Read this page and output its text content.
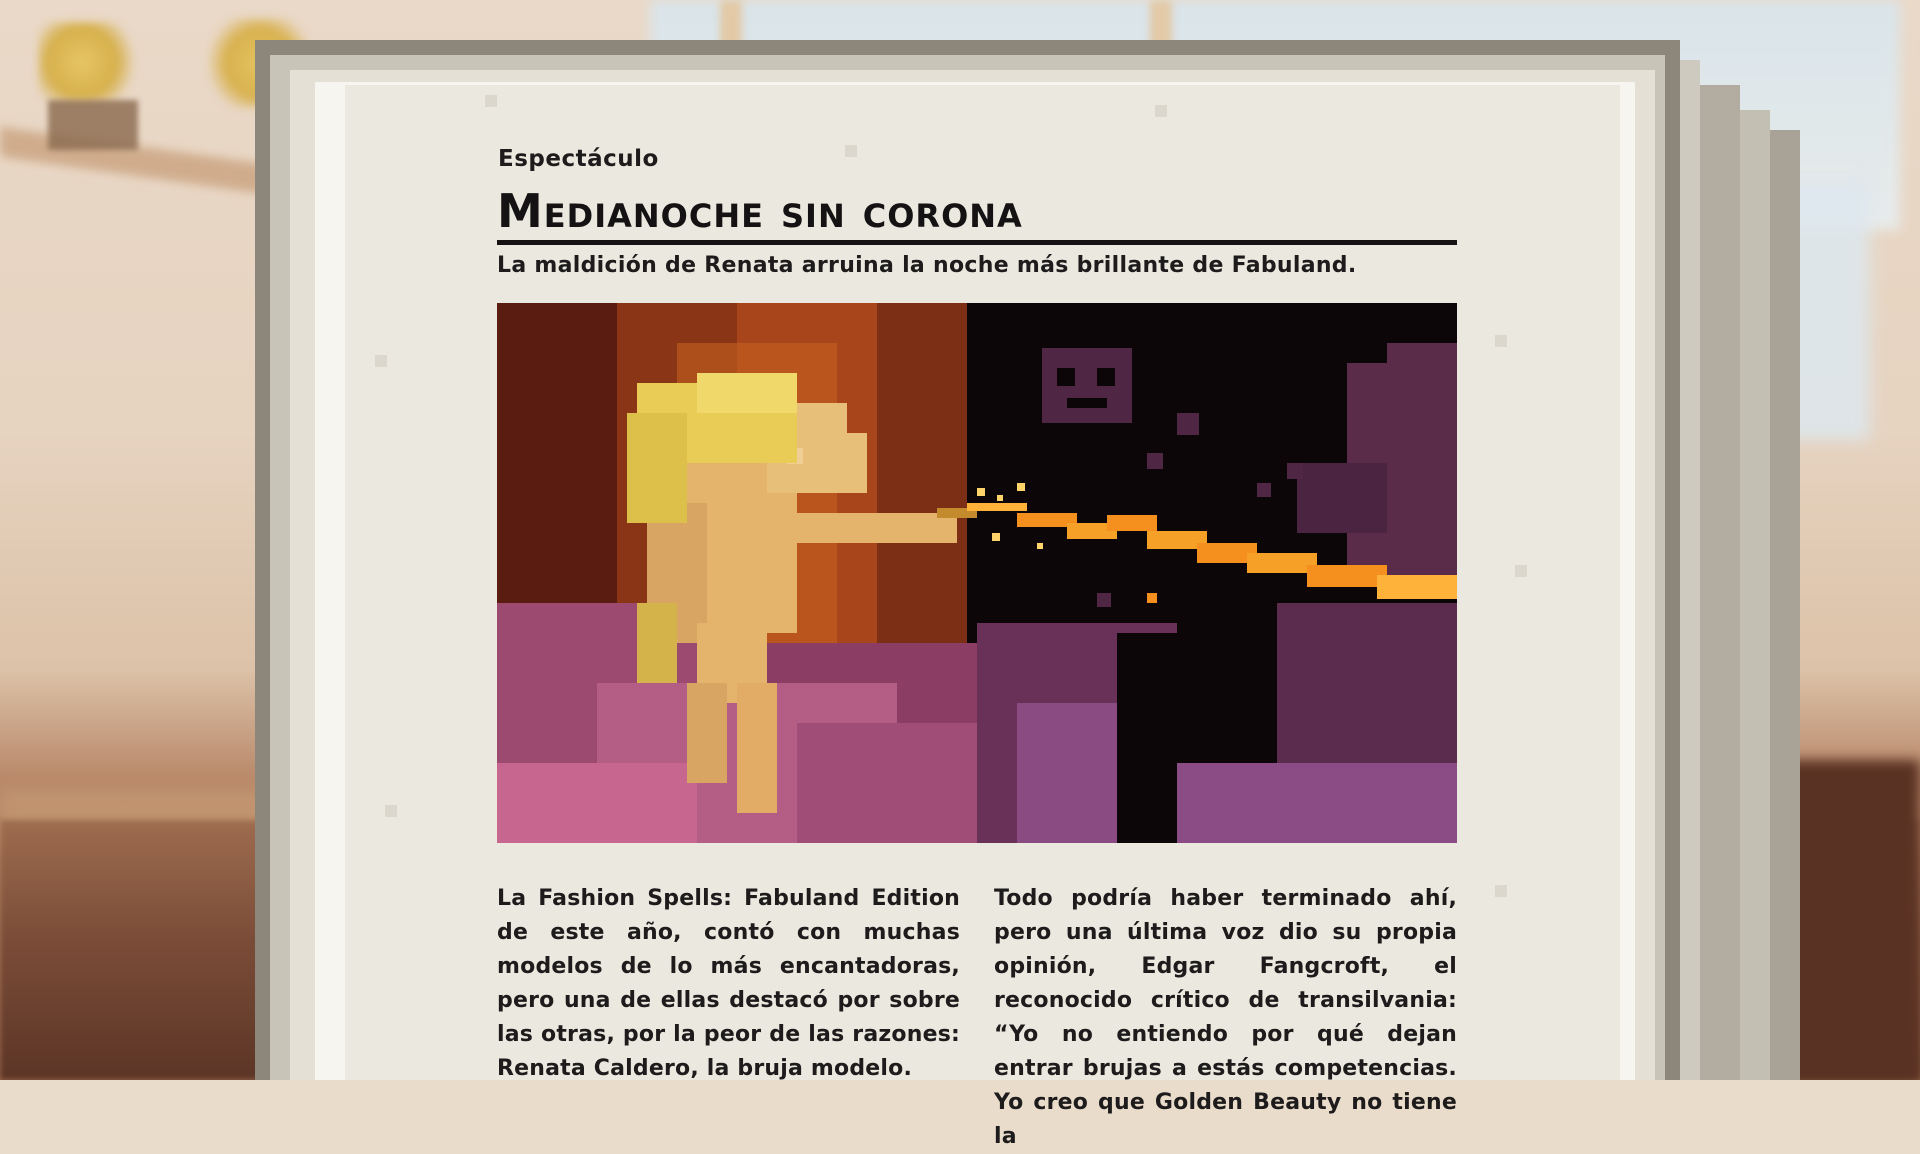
Espectáculo
Medianoche sin corona
La maldición de Renata arruina la noche más brillante de Fabuland.
La Fashion Spells: Fabuland Edition de este año, contó con muchas modelos de lo más encantadoras, pero una de ellas destacó por sobre las otras, por la peor de las razones: Renata Caldero, la bruja modelo.
Todo podría haber terminado ahí, pero una última voz dio su propia opinión, Edgar Fangcroft, el reconocido crítico de transilvania: “Yo no entiendo por qué dejan entrar brujas a estás competencias. Yo creo que Golden Beauty no tiene la
